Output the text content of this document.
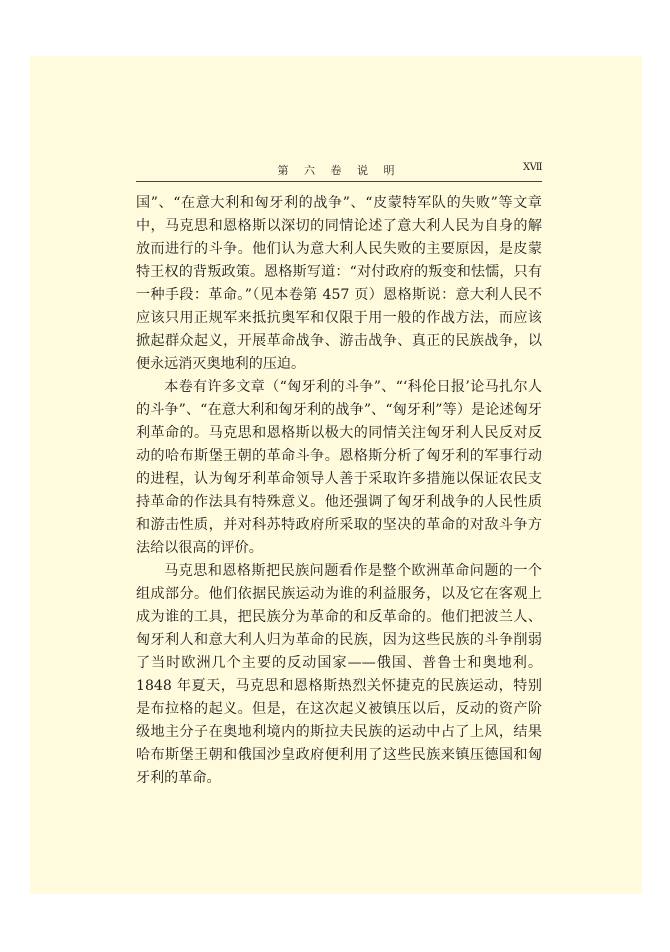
第 六 卷 说 明	ⅩⅦ

国”、“在意大利和匈牙利的战争”、“皮蒙特军队的失败”等文章中，马克思和恩格斯以深切的同情论述了意大利人民为自身的解放而进行的斗争。他们认为意大利人民失败的主要原因，是皮蒙特王权的背叛政策。恩格斯写道：“对付政府的叛变和怯懦，只有一种手段：革命。”（见本卷第 457 页）恩格斯说：意大利人民不应该只用正规军来抵抗奥军和仅限于用一般的作战方法，而应该掀起群众起义，开展革命战争、游击战争、真正的民族战争，以便永远消灭奥地利的压迫。

本卷有许多文章（“匈牙利的斗争”、“‘科伦日报’论马扎尔人的斗争”、“在意大利和匈牙利的战争”、“匈牙利”等）是论述匈牙利革命的。马克思和恩格斯以极大的同情关注匈牙利人民反对反动的哈布斯堡王朝的革命斗争。恩格斯分析了匈牙利的军事行动的进程，认为匈牙利革命领导人善于采取许多措施以保证农民支持革命的作法具有特殊意义。他还强调了匈牙利战争的人民性质和游击性质，并对科苏特政府所采取的坚决的革命的对敌斗争方法给以很高的评价。

马克思和恩格斯把民族问题看作是整个欧洲革命问题的一个组成部分。他们依据民族运动为谁的利益服务，以及它在客观上成为谁的工具，把民族分为革命的和反革命的。他们把波兰人、匈牙利人和意大利人归为革命的民族，因为这些民族的斗争削弱了当时欧洲几个主要的反动国家——俄国、普鲁士和奥地利。1848 年夏天，马克思和恩格斯热烈关怀捷克的民族运动，特别是布拉格的起义。但是，在这次起义被镇压以后，反动的资产阶级地主分子在奥地利境内的斯拉夫民族的运动中占了上风，结果哈布斯堡王朝和俄国沙皇政府便利用了这些民族来镇压德国和匈牙利的革命。
